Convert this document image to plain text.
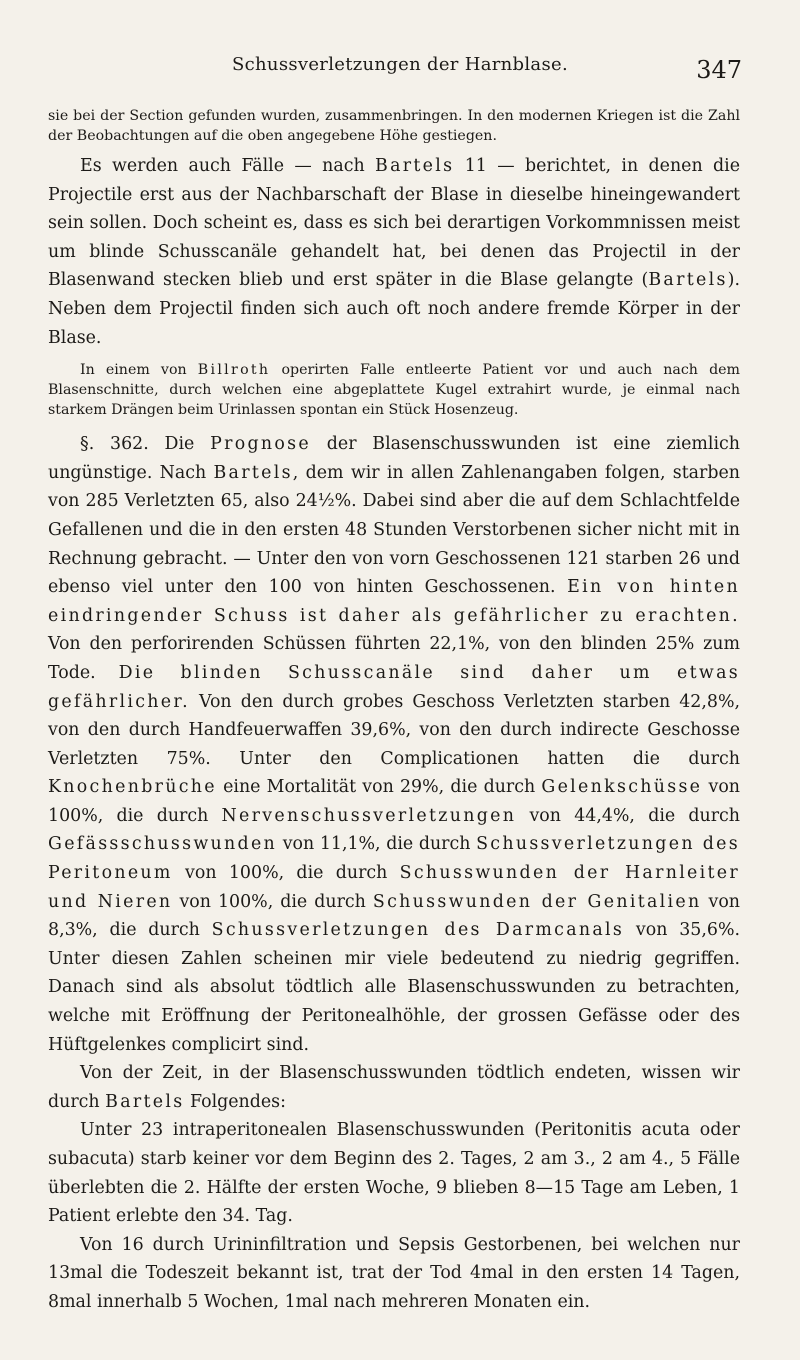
Schussverletzungen der Harnblase.	347

sie bei der Section gefunden wurden, zusammenbringen. In den modernen Kriegen ist die Zahl der Beobachtungen auf die oben angegebene Höhe gestiegen.

Es werden auch Fälle — nach Bartels 11 — berichtet, in denen die Projectile erst aus der Nachbarschaft der Blase in dieselbe hineingewandert sein sollen. Doch scheint es, dass es sich bei derartigen Vorkommnissen meist um blinde Schusscanäle gehandelt hat, bei denen das Projectil in der Blasenwand stecken blieb und erst später in die Blase gelangte (Bartels). Neben dem Projectil finden sich auch oft noch andere fremde Körper in der Blase.

In einem von Billroth operirten Falle entleerte Patient vor und auch nach dem Blasenschnitte, durch welchen eine abgeplattete Kugel extrahirt wurde, je einmal nach starkem Drängen beim Urinlassen spontan ein Stück Hosenzeug.

§. 362. Die Prognose der Blasenschusswunden ist eine ziemlich ungünstige. Nach Bartels, dem wir in allen Zahlenangaben folgen, starben von 285 Verletzten 65, also 24½%. Dabei sind aber die auf dem Schlachtfelde Gefallenen und die in den ersten 48 Stunden Verstorbenen sicher nicht mit in Rechnung gebracht. — Unter den von vorn Geschossenen 121 starben 26 und ebenso viel unter den 100 von hinten Geschossenen. Ein von hinten eindringender Schuss ist daher als gefährlicher zu erachten. Von den perforirenden Schüssen führten 22,1%, von den blinden 25% zum Tode. Die blinden Schusscanäle sind daher um etwas gefährlicher. Von den durch grobes Geschoss Verletzten starben 42,8%, von den durch Handfeuerwaffen 39,6%, von den durch indirecte Geschosse Verletzten 75%. Unter den Complicationen hatten die durch Knochenbrüche eine Mortalität von 29%, die durch Gelenkschüsse von 100%, die durch Nervenschussverletzungen von 44,4%, die durch Gefässschusswunden von 11,1%, die durch Schussverletzungen des Peritoneum von 100%, die durch Schusswunden der Harnleiter und Nieren von 100%, die durch Schusswunden der Genitalien von 8,3%, die durch Schussverletzungen des Darmcanals von 35,6%. Unter diesen Zahlen scheinen mir viele bedeutend zu niedrig gegriffen. Danach sind als absolut tödtlich alle Blasenschusswunden zu betrachten, welche mit Eröffnung der Peritonealhöhle, der grossen Gefässe oder des Hüftgelenkes complicirt sind.

Von der Zeit, in der Blasenschusswunden tödtlich endeten, wissen wir durch Bartels Folgendes:

Unter 23 intraperitonealen Blasenschusswunden (Peritonitis acuta oder subacuta) starb keiner vor dem Beginn des 2. Tages, 2 am 3., 2 am 4., 5 Fälle überlebten die 2. Hälfte der ersten Woche, 9 blieben 8—15 Tage am Leben, 1 Patient erlebte den 34. Tag.

Von 16 durch Urininfiltration und Sepsis Gestorbenen, bei welchen nur 13mal die Todeszeit bekannt ist, trat der Tod 4mal in den ersten 14 Tagen, 8mal innerhalb 5 Wochen, 1mal nach mehreren Monaten ein.
